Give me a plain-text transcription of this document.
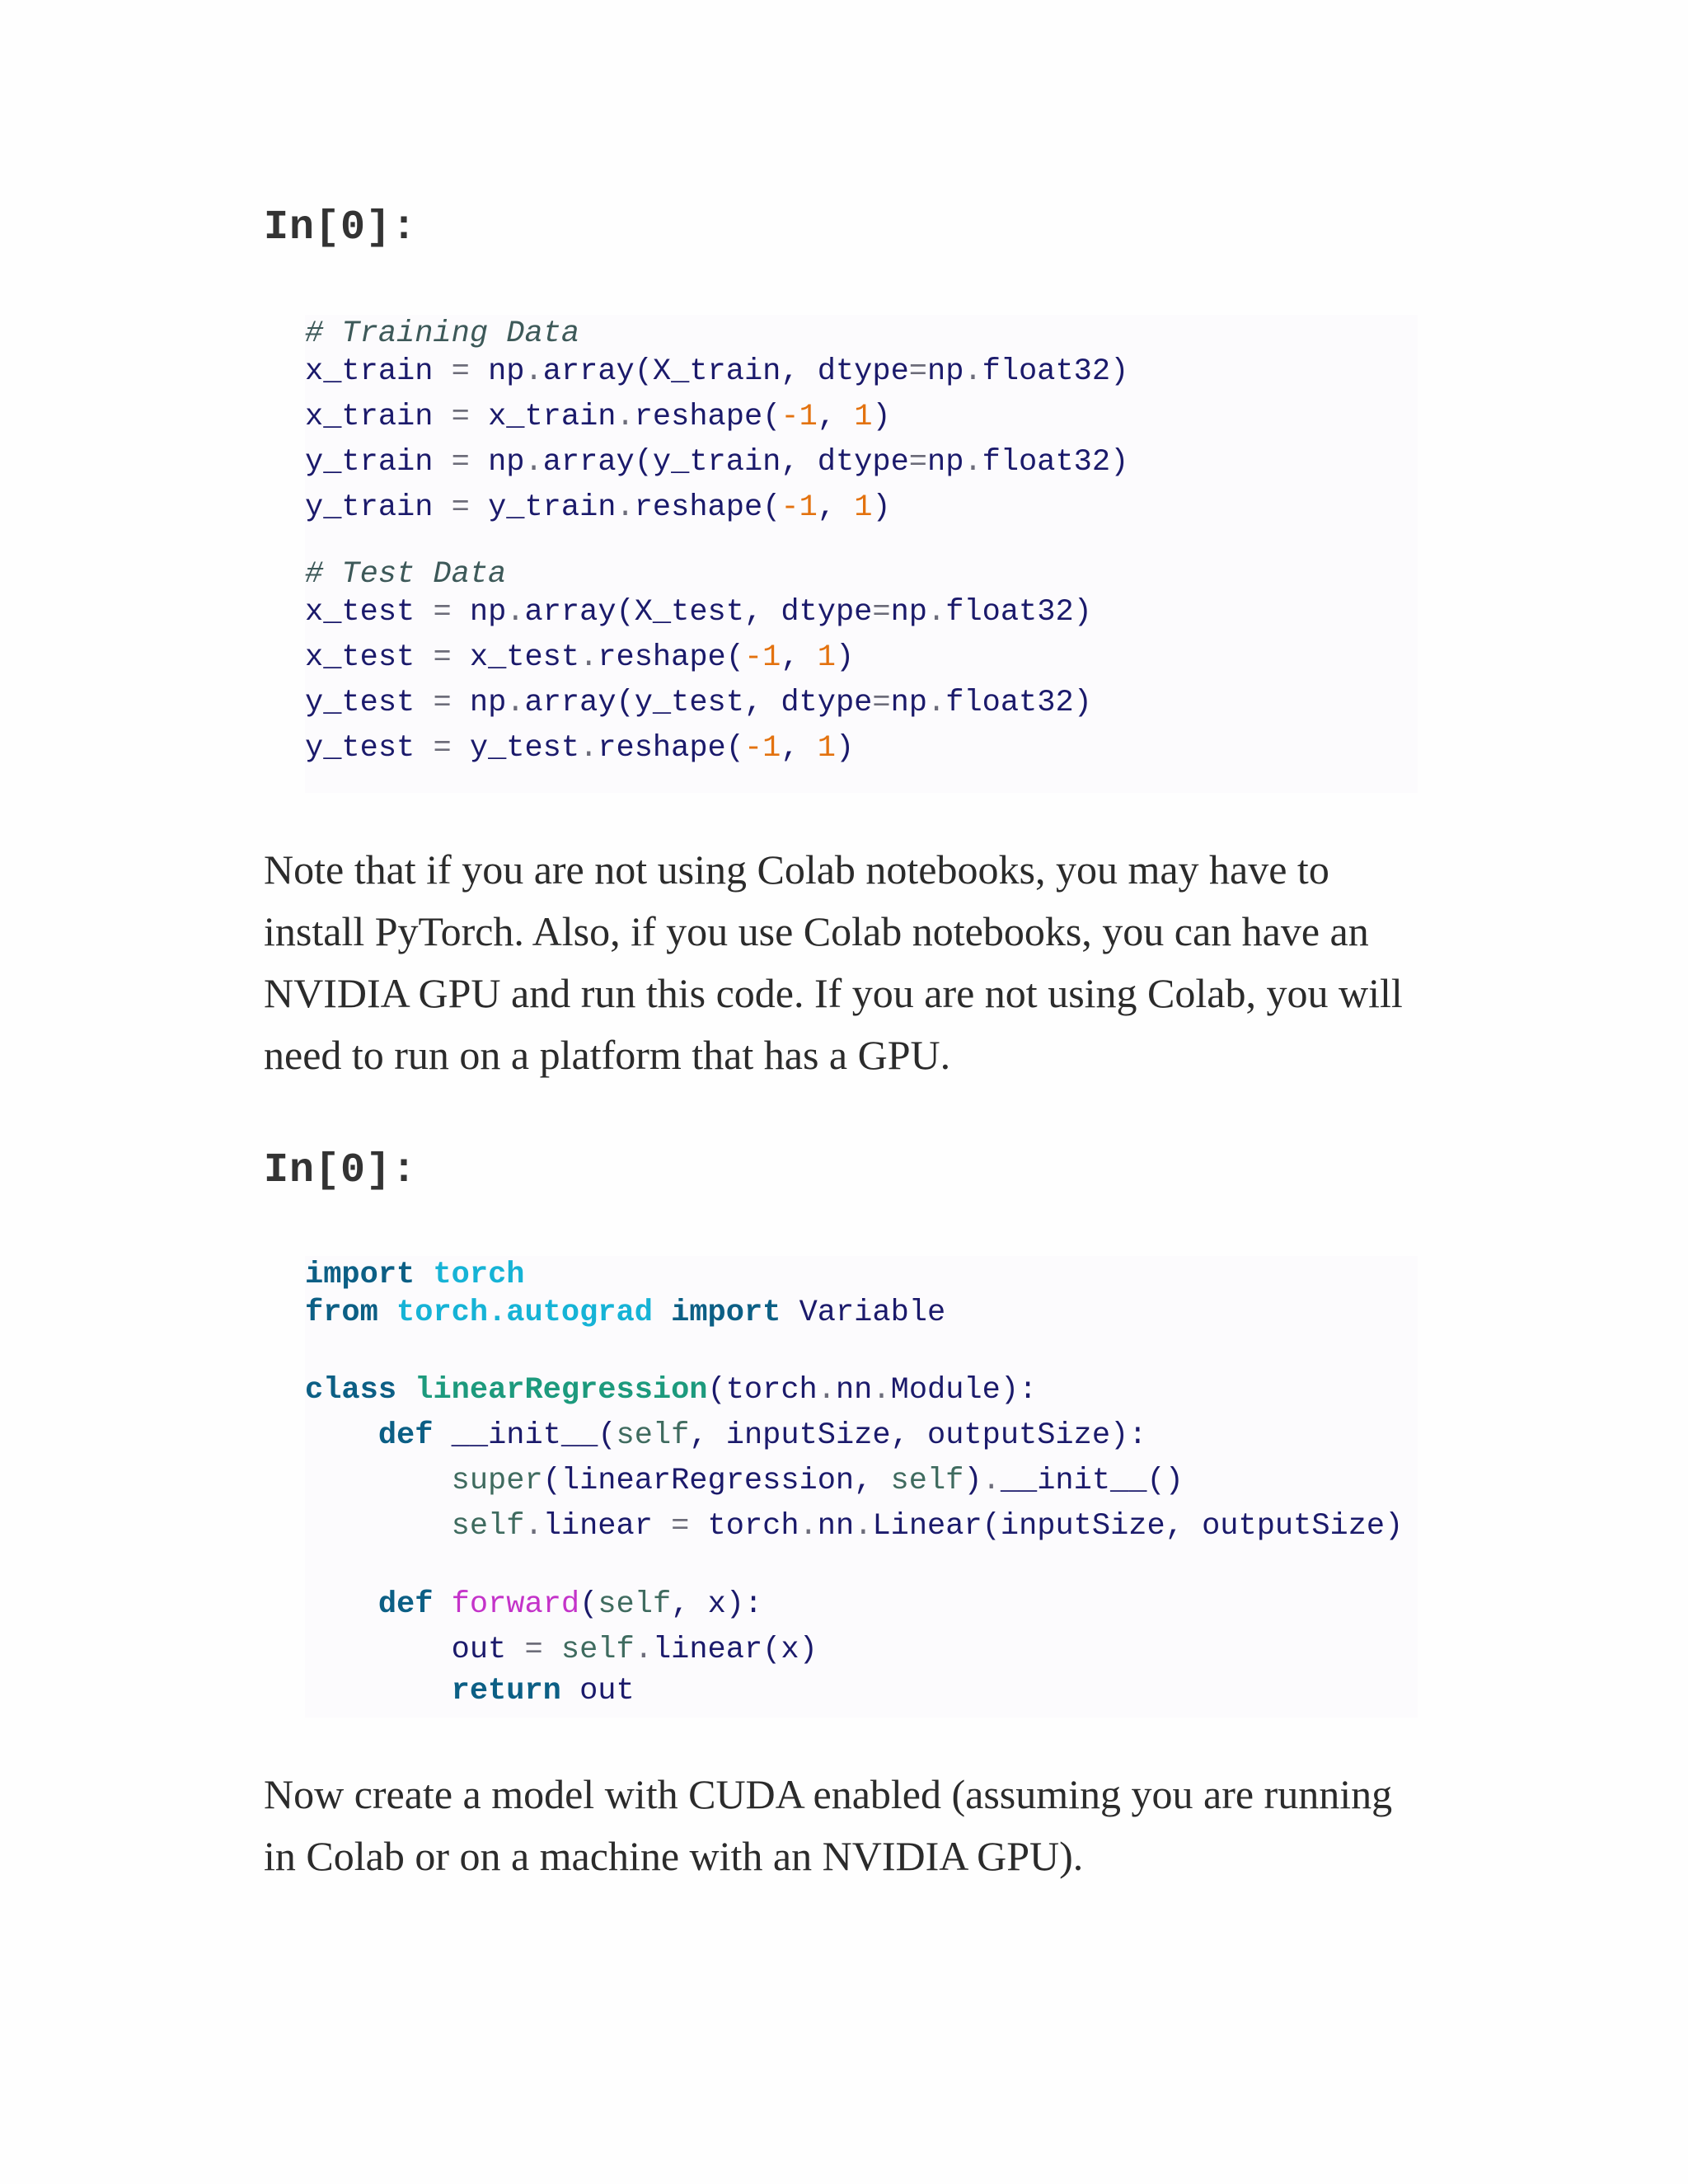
In[0]:

# Training Data

x_train = np.array(X_train, dtype=np.float32)

x_train = x_train.reshape(-1, 1)

y_train = np.array(y_train, dtype=np.float32)

y_train = y_train.reshape(-1, 1)

# Test Data

x_test = np.array(X_test, dtype=np.float32)

x_test = x_test.reshape(-1, 1)

y_test = np.array(y_test, dtype=np.float32)

y_test = y_test.reshape(-1, 1)

Note that if you are not using Colab notebooks, you may have to
install PyTorch. Also, if you use Colab notebooks, you can have an
NVIDIA GPU and run this code. If you are not using Colab, you will
need to run on a platform that has a GPU.

In[0]:

import torch

from torch.autograd import Variable

class linearRegression(torch.nn.Module):

def __init__(self, inputSize, outputSize):

super(linearRegression, self).__init__()

self.linear = torch.nn.Linear(inputSize, outputSize)

def forward(self, x):

out = self.linear(x)

return out

Now create a model with CUDA enabled (assuming you are running
in Colab or on a machine with an NVIDIA GPU).
